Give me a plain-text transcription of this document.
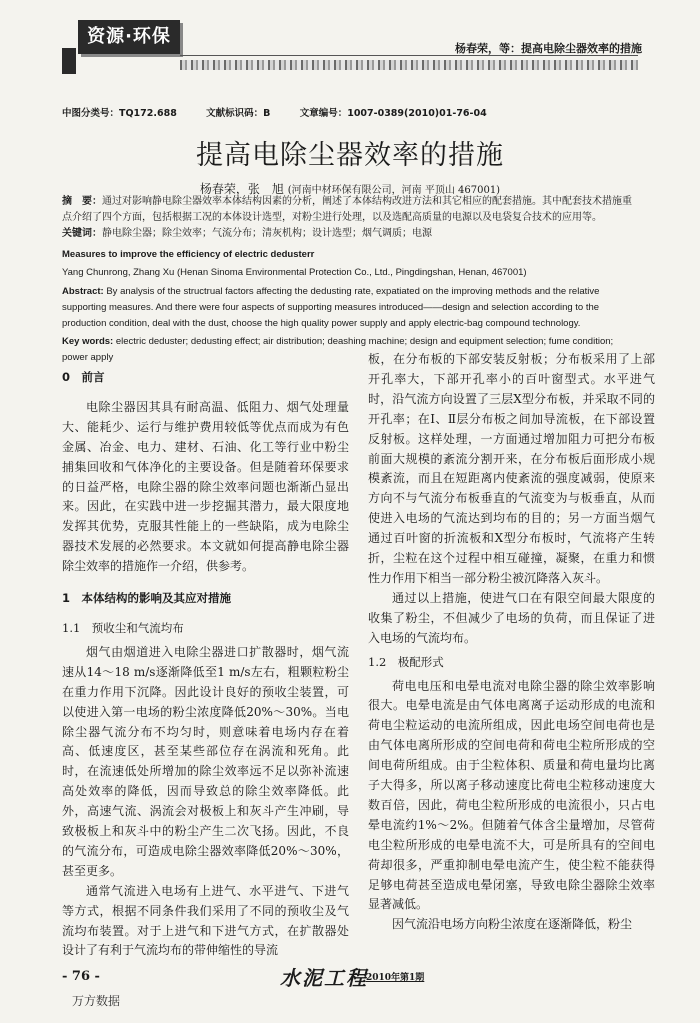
资源·环保
杨春荣，等：提高电除尘器效率的措施
中图分类号：TQ172.688	文献标识码：B	文章编号：1007-0389(2010)01-76-04
提高电除尘器效率的措施
杨春荣，张　旭 (河南中材环保有限公司，河南 平顶山 467001)
摘　要：通过对影响静电除尘器效率本体结构因素的分析，阐述了本体结构改进方法和其它相应的配套措施。其中配套技术措施重点介绍了四个方面，包括根据工况的本体设计选型，对粉尘进行处理，以及选配高质量的电源以及电袋复合技术的应用等。
关键词：静电除尘器；除尘效率；气流分布；清灰机构；设计选型；烟气调质；电源
Measures to improve the efficiency of electric dedusterr
Yang Chunrong, Zhang Xu (Henan Sinoma Environmental Protection Co., Ltd., Pingdingshan, Henan, 467001)
Abstract: By analysis of the structrual factors affecting the dedusting rate, expatiated on the improving methods and the relative supporting measures. And there were four aspects of supporting measures introduced——design and selection according to the production condition, deal with the dust, choose the high quality power supply and apply electric-bag compound technology.
Key words: electric deduster; dedusting effect; air distribution; deashing machine; design and equipment selection; fume condition; power apply
0　前言

电除尘器因其具有耐高温、低阻力、烟气处理量大、能耗少、运行与维护费用较低等优点而成为有色金属、冶金、电力、建材、石油、化工等行业中粉尘捕集回收和气体净化的主要设备。但是随着环保要求的日益严格，电除尘器的除尘效率问题也渐渐凸显出来。因此，在实践中进一步挖掘其潜力，最大限度地发挥其优势，克服其性能上的一些缺陷，成为电除尘器技术发展的必然要求。本文就如何提高静电除尘器除尘效率的措施作一介绍，供参考。

1　本体结构的影响及其应对措施
1.1　预收尘和气流均布

烟气由烟道进入电除尘器进口扩散器时，烟气流速从14～18 m/s逐渐降低至1 m/s左右，粗颗粒粉尘在重力作用下沉降。因此设计良好的预收尘装置，可以使进入第一电场的粉尘浓度降低20%～30%。当电除尘器气流分布不均匀时，则意味着电场内存在着高、低速度区，甚至某些部位存在涡流和死角。此时，在流速低处所增加的除尘效率远不足以弥补流速高处效率的降低，因而导致总的除尘效率降低。此外，高速气流、涡流会对极板上和灰斗产生冲刷，导致极板上和灰斗中的粉尘产生二次飞扬。因此，不良的气流分布，可造成电除尘器效率降低20%～30%，甚至更多。

通常气流进入电场有上进气、水平进气、下进气等方式，根据不同条件我们采用了不同的预收尘及气流均布装置。对于上进气和下进气方式，在扩散器处设计了有利于气流均布的带伸缩性的导流

板，在分布板的下部安装反射板；分布板采用了上部开孔率大，下部开孔率小的百叶窗型式。水平进气时，沿气流方向设置了三层X型分布板，并采取不同的开孔率；在Ⅰ、Ⅱ层分布板之间加导流板，在下部设置反射板。这样处理，一方面通过增加阻力可把分布板前面大规模的紊流分割开来，在分布板后面形成小规模紊流，而且在短距离内使紊流的强度减弱，使原来方向不与气流分布板垂直的气流变为与板垂直，从而使进入电场的气流达到均布的目的；另一方面当烟气通过百叶窗的折流板和X型分布板时，气流将产生转折，尘粒在这个过程中相互碰撞，凝聚，在重力和惯性力作用下相当一部分粉尘被沉降落入灰斗。

通过以上措施，使进气口在有限空间最大限度的收集了粉尘，不但减少了电场的负荷，而且保证了进入电场的气流均布。

1.2　极配形式

荷电电压和电晕电流对电除尘器的除尘效率影响很大。电晕电流是由气体电离离子运动形成的电流和荷电尘粒运动的电流所组成，因此电场空间电荷也是由气体电离所形成的空间电荷和荷电尘粒所形成的空间电荷所组成。由于尘粒体积、质量和荷电量均比离子大得多，所以离子移动速度比荷电尘粒移动速度大数百倍，因此，荷电尘粒所形成的电流很小，只占电晕电流约1%～2%。但随着气体含尘量增加，尽管荷电尘粒所形成的电晕电流不大，可是所具有的空间电荷却很多，严重抑制电晕电流产生，使尘粒不能获得足够电荷甚至造成电晕闭塞，导致电除尘器除尘效率显著减低。

因气流沿电场方向粉尘浓度在逐渐降低，粉尘

- 76 -
万方数据
水泥工程
2010年第1期
